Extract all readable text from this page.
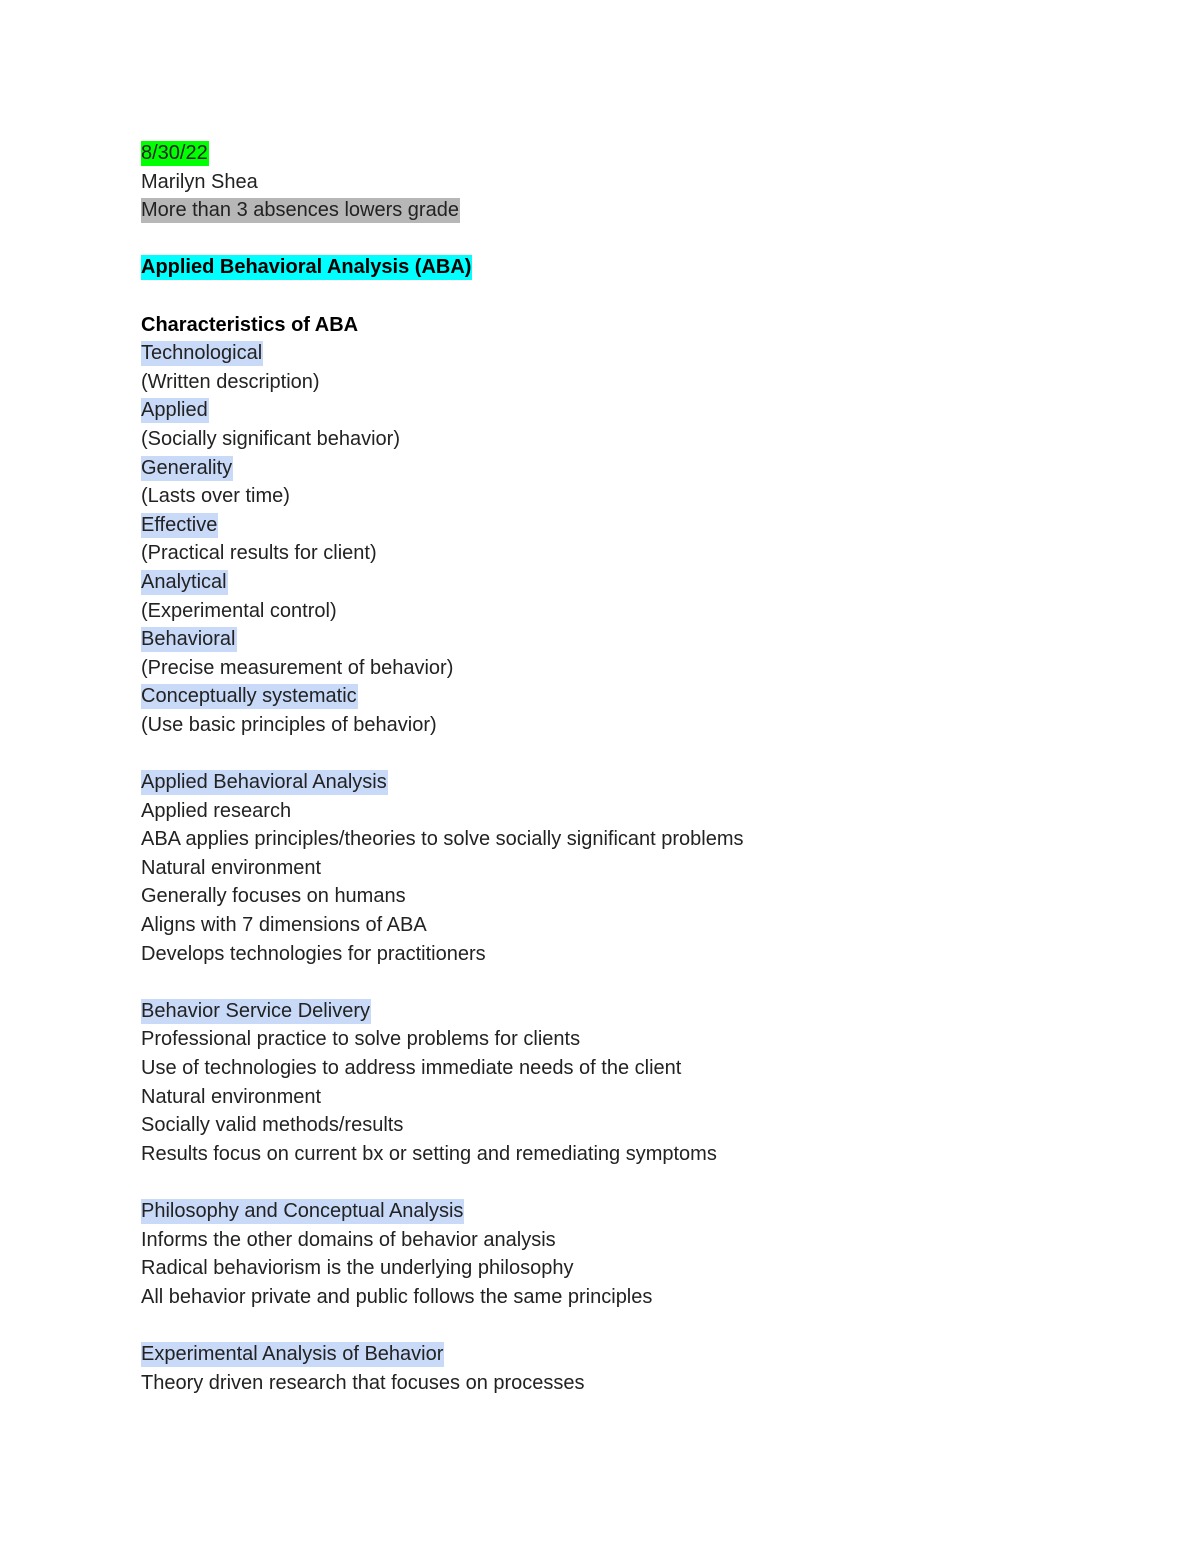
8/30/22
Marilyn Shea
More than 3 absences lowers grade
Applied Behavioral Analysis (ABA)
Characteristics of ABA
Technological
(Written description)
Applied
(Socially significant behavior)
Generality
(Lasts over time)
Effective
(Practical results for client)
Analytical
(Experimental control)
Behavioral
(Precise measurement of behavior)
Conceptually systematic
(Use basic principles of behavior)
Applied Behavioral Analysis
Applied research
ABA applies principles/theories to solve socially significant problems
Natural environment
Generally focuses on humans
Aligns with 7 dimensions of ABA
Develops technologies for practitioners
Behavior Service Delivery
Professional practice to solve problems for clients
Use of technologies to address immediate needs of the client
Natural environment
Socially valid methods/results
Results focus on current bx or setting and remediating symptoms
Philosophy and Conceptual Analysis
Informs the other domains of behavior analysis
Radical behaviorism is the underlying philosophy
All behavior private and public follows the same principles
Experimental Analysis of Behavior
Theory driven research that focuses on processes
